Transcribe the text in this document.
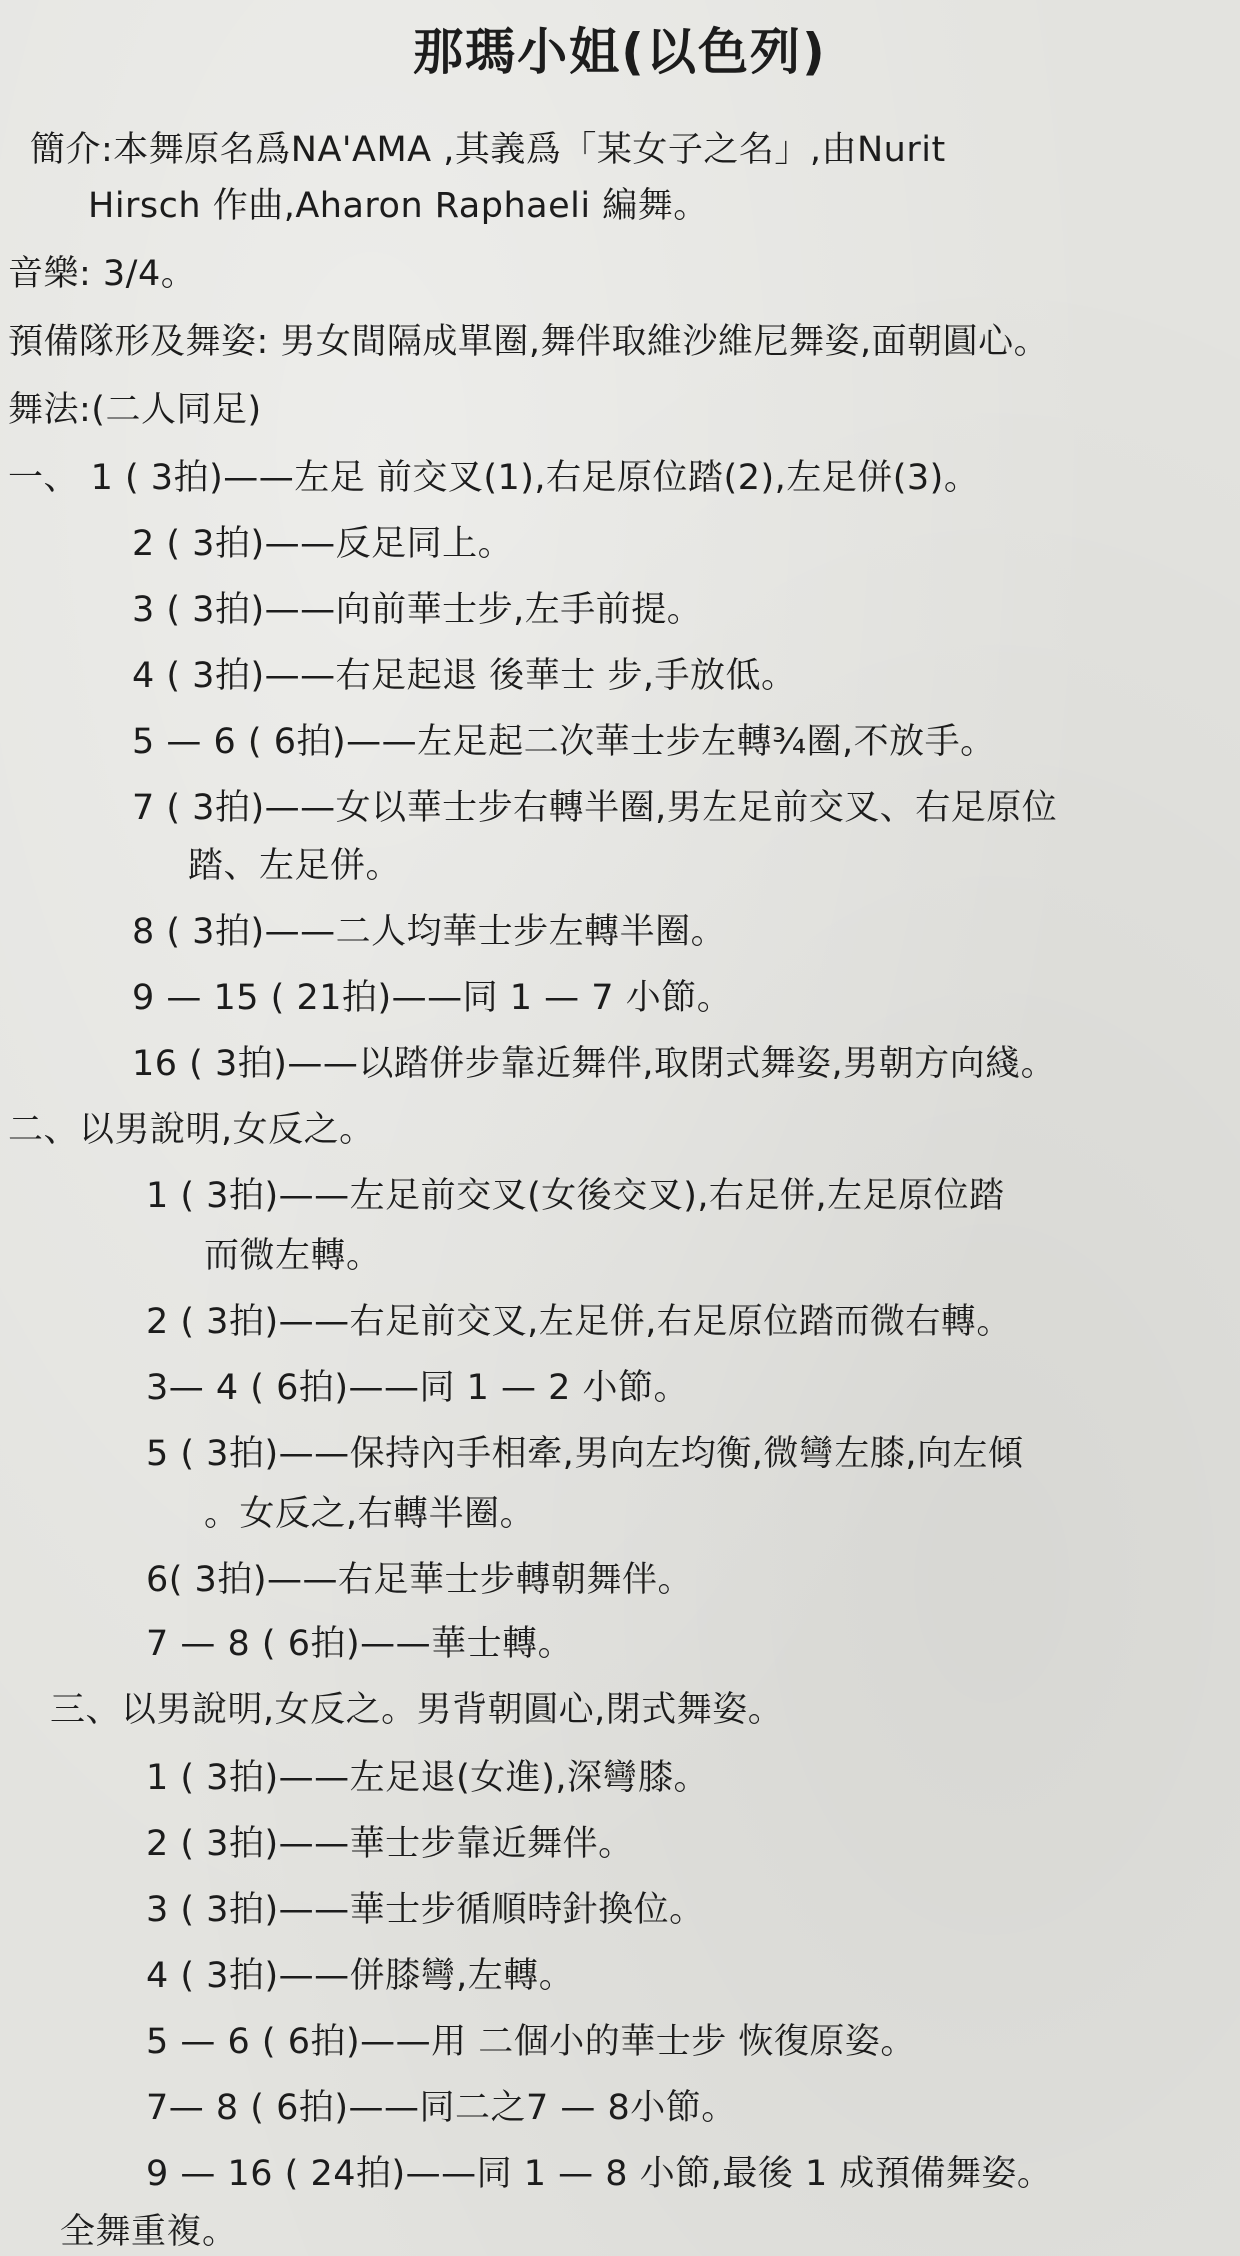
那瑪小姐(以色列)
簡介:本舞原名爲NA'AMA ,其義爲「某女子之名」,由Nurit
Hirsch 作曲,Aharon Raphaeli 編舞。
音樂: 3/4。
預備隊形及舞姿: 男女間隔成單圈,舞伴取維沙維尼舞姿,面朝圓心。
舞法:(二人同足)
一、 1 ( 3拍)——左足 前交叉(1),右足原位踏(2),左足併(3)。
2 ( 3拍)——反足同上。
3 ( 3拍)——向前華士步,左手前提。
4 ( 3拍)——右足起退 後華士 步,手放低。
5 — 6 ( 6拍)——左足起二次華士步左轉¾圈,不放手。
7 ( 3拍)——女以華士步右轉半圈,男左足前交叉、右足原位
踏、左足併。
8 ( 3拍)——二人均華士步左轉半圈。
9 — 15 ( 21拍)——同 1 — 7 小節。
16 ( 3拍)——以踏併步靠近舞伴,取閉式舞姿,男朝方向綫。
二、以男說明,女反之。
1 ( 3拍)——左足前交叉(女後交叉),右足併,左足原位踏
而微左轉。
2 ( 3拍)——右足前交叉,左足併,右足原位踏而微右轉。
3— 4 ( 6拍)——同 1 — 2 小節。
5 ( 3拍)——保持內手相牽,男向左均衡,微彎左膝,向左傾
。女反之,右轉半圈。
6( 3拍)——右足華士步轉朝舞伴。
7 — 8 ( 6拍)——華士轉。
三、以男說明,女反之。男背朝圓心,閉式舞姿。
1 ( 3拍)——左足退(女進),深彎膝。
2 ( 3拍)——華士步靠近舞伴。
3 ( 3拍)——華士步循順時針換位。
4 ( 3拍)——併膝彎,左轉。
5 — 6 ( 6拍)——用 二個小的華士步 恢復原姿。
7— 8 ( 6拍)——同二之7 — 8小節。
9 — 16 ( 24拍)——同 1 — 8 小節,最後 1 成預備舞姿。
全舞重複。
